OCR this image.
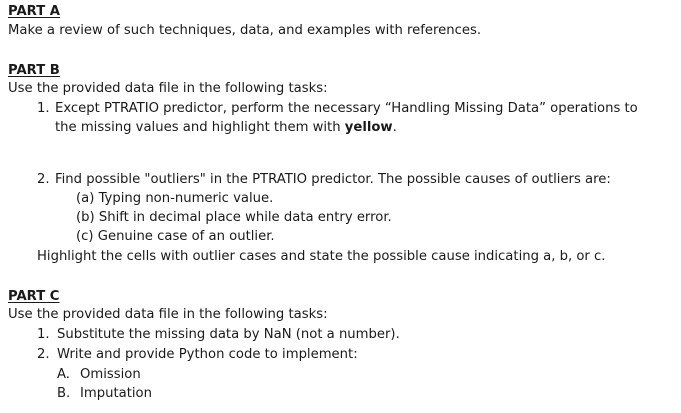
PART A
Make a review of such techniques, data, and examples with references.
PART B
Use the provided data file in the following tasks:
1. Except PTRATIO predictor, perform the necessary “Handling Missing Data” operations to
the missing values and highlight them with yellow.
2. Find possible "outliers" in the PTRATIO predictor. The possible causes of outliers are:
(a) Typing non-numeric value.
(b) Shift in decimal place while data entry error.
(c) Genuine case of an outlier.
Highlight the cells with outlier cases and state the possible cause indicating a, b, or c.
PART C
Use the provided data file in the following tasks:
1. Substitute the missing data by NaN (not a number).
2. Write and provide Python code to implement:
A. Omission
B. Imputation
